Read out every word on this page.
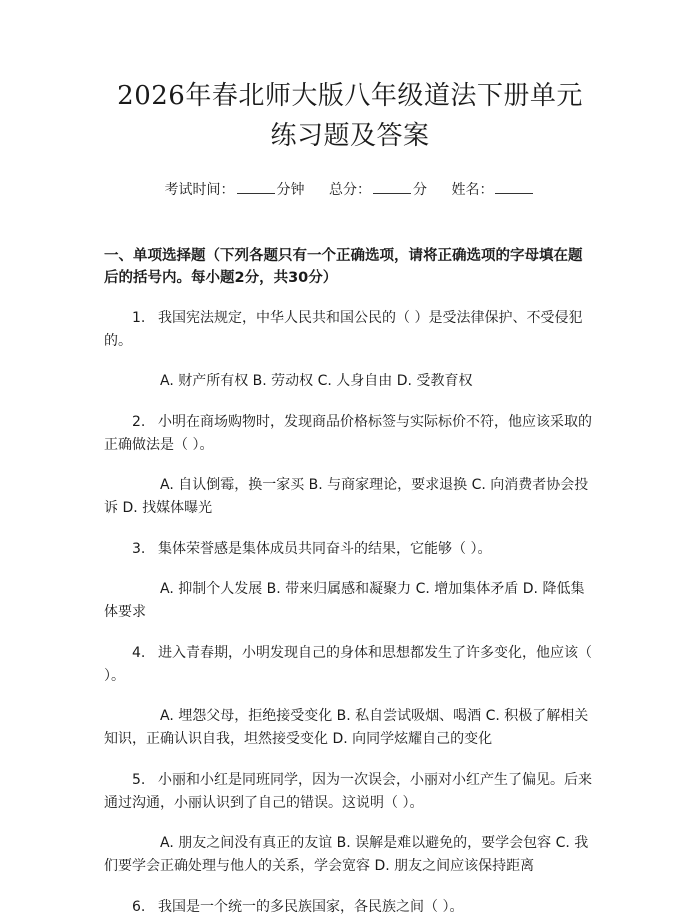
2026年春北师大版八年级道法下册单元练习题及答案
考试时间：	分钟 总分：	分 姓名：
一、单项选择题（下列各题只有一个正确选项，请将正确选项的字母填在题后的括号内。每小题2分，共30分）
1. 我国宪法规定，中华人民共和国公民的（ ）是受法律保护、不受侵犯的。
A. 财产所有权 B. 劳动权 C. 人身自由 D. 受教育权
2. 小明在商场购物时，发现商品价格标签与实际标价不符，他应该采取的正确做法是（ ）。
A. 自认倒霉，换一家买 B. 与商家理论，要求退换 C. 向消费者协会投诉 D. 找媒体曝光
3. 集体荣誉感是集体成员共同奋斗的结果，它能够（ ）。
A. 抑制个人发展 B. 带来归属感和凝聚力 C. 增加集体矛盾 D. 降低集体要求
4. 进入青春期，小明发现自己的身体和思想都发生了许多变化，他应该（ ）。
A. 埋怨父母，拒绝接受变化 B. 私自尝试吸烟、喝酒 C. 积极了解相关知识，正确认识自我，坦然接受变化 D. 向同学炫耀自己的变化
5. 小丽和小红是同班同学，因为一次误会，小丽对小红产生了偏见。后来通过沟通，小丽认识到了自己的错误。这说明（ ）。
A. 朋友之间没有真正的友谊 B. 误解是难以避免的，要学会包容 C. 我们要学会正确处理与他人的关系，学会宽容 D. 朋友之间应该保持距离
6. 我国是一个统一的多民族国家，各民族之间（ ）。
